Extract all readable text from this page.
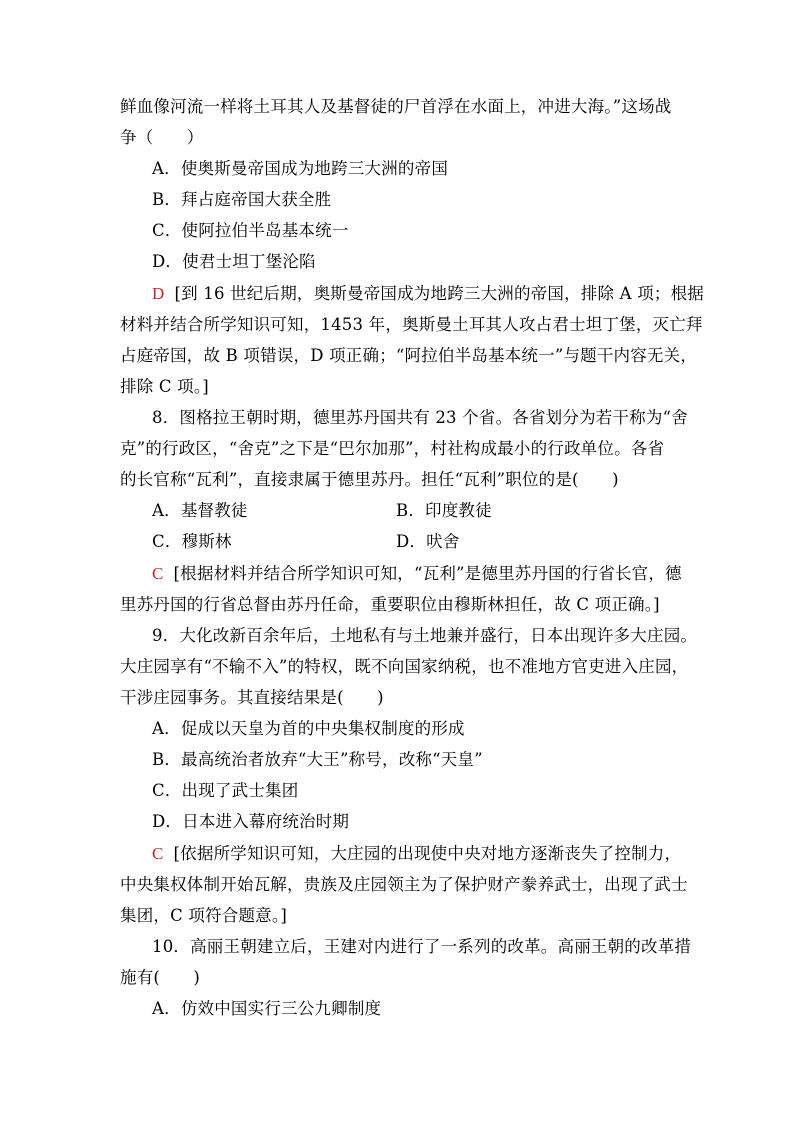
鲜血像河流一样将土耳其人及基督徒的尸首浮在水面上，冲进大海。”这场战
争（　　）
A．使奥斯曼帝国成为地跨三大洲的帝国
B．拜占庭帝国大获全胜
C．使阿拉伯半岛基本统一
D．使君士坦丁堡沦陷
D [到 16 世纪后期，奥斯曼帝国成为地跨三大洲的帝国，排除 A 项；根据
材料并结合所学知识可知，1453 年，奥斯曼土耳其人攻占君士坦丁堡，灭亡拜
占庭帝国，故 B 项错误，D 项正确；“阿拉伯半岛基本统一”与题干内容无关，
排除 C 项。]
8．图格拉王朝时期，德里苏丹国共有 23 个省。各省划分为若干称为“舍
克”的行政区，“舍克”之下是“巴尔加那”，村社构成最小的行政单位。各省
的长官称“瓦利”，直接隶属于德里苏丹。担任“瓦利”职位的是(　　)
A．基督教徒	B．印度教徒
C．穆斯林	D．吠舍
C [根据材料并结合所学知识可知，“瓦利”是德里苏丹国的行省长官，德
里苏丹国的行省总督由苏丹任命，重要职位由穆斯林担任，故 C 项正确。]
9．大化改新百余年后，土地私有与土地兼并盛行，日本出现许多大庄园。
大庄园享有“不输不入”的特权，既不向国家纳税，也不准地方官吏进入庄园，
干涉庄园事务。其直接结果是(　　)
A．促成以天皇为首的中央集权制度的形成
B．最高统治者放弃“大王”称号，改称“天皇”
C．出现了武士集团
D．日本进入幕府统治时期
C [依据所学知识可知，大庄园的出现使中央对地方逐渐丧失了控制力，
中央集权体制开始瓦解，贵族及庄园领主为了保护财产豢养武士，出现了武士
集团，C 项符合题意。]
10．高丽王朝建立后，王建对内进行了一系列的改革。高丽王朝的改革措
施有(　　)
A．仿效中国实行三公九卿制度
